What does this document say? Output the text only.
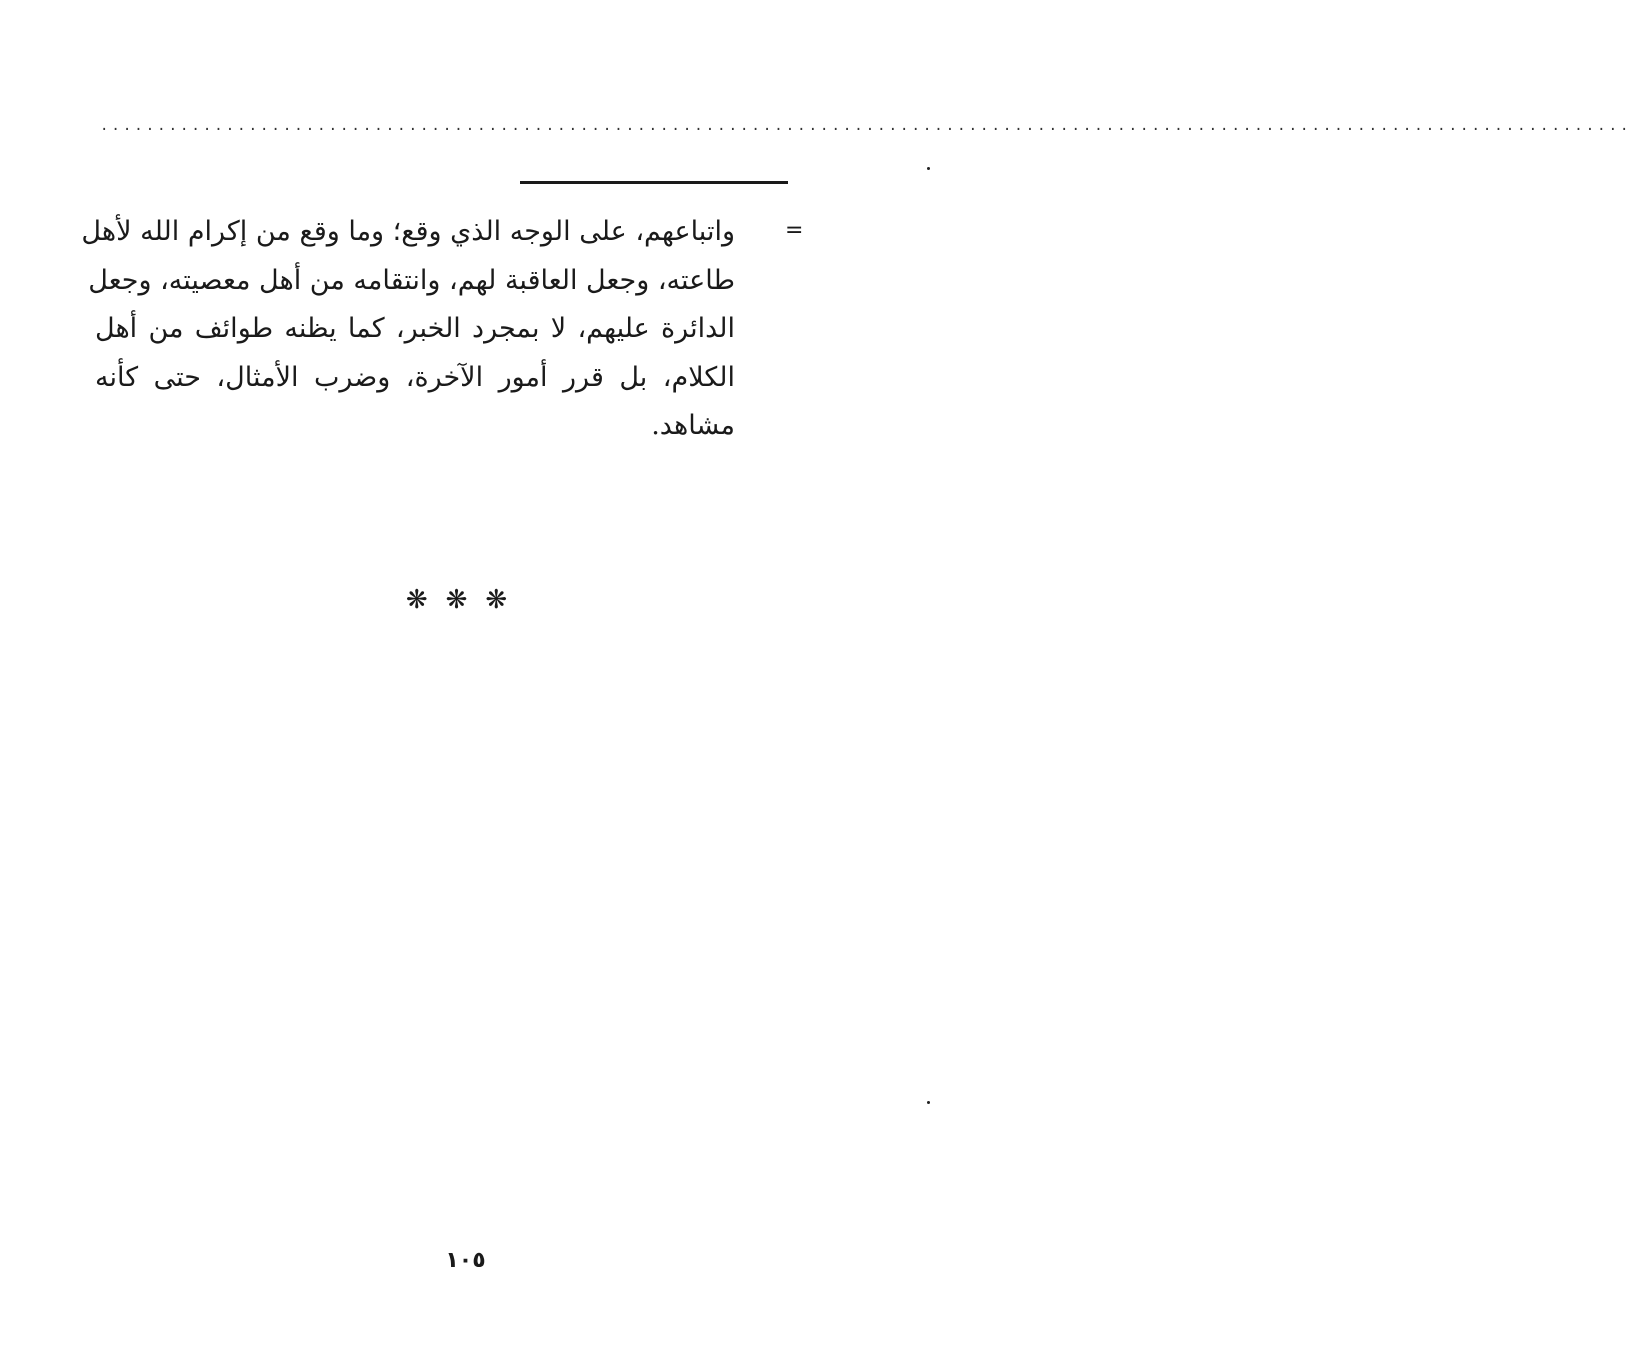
......................................................................................................................................
=
واتباعهم، على الوجه الذي وقع؛ وما وقع من إكرام الله لأهل
طاعته، وجعل العاقبة لهم، وانتقامه من أهل معصيته، وجعل
الدائرة عليهم، لا بمجرد الخبر، كما يظنه طوائف من أهل
الكلام، بل قرر أمور الآخرة، وضرب الأمثال، حتى كأنه
مشاهد.
❋❋❋
١٠٥
